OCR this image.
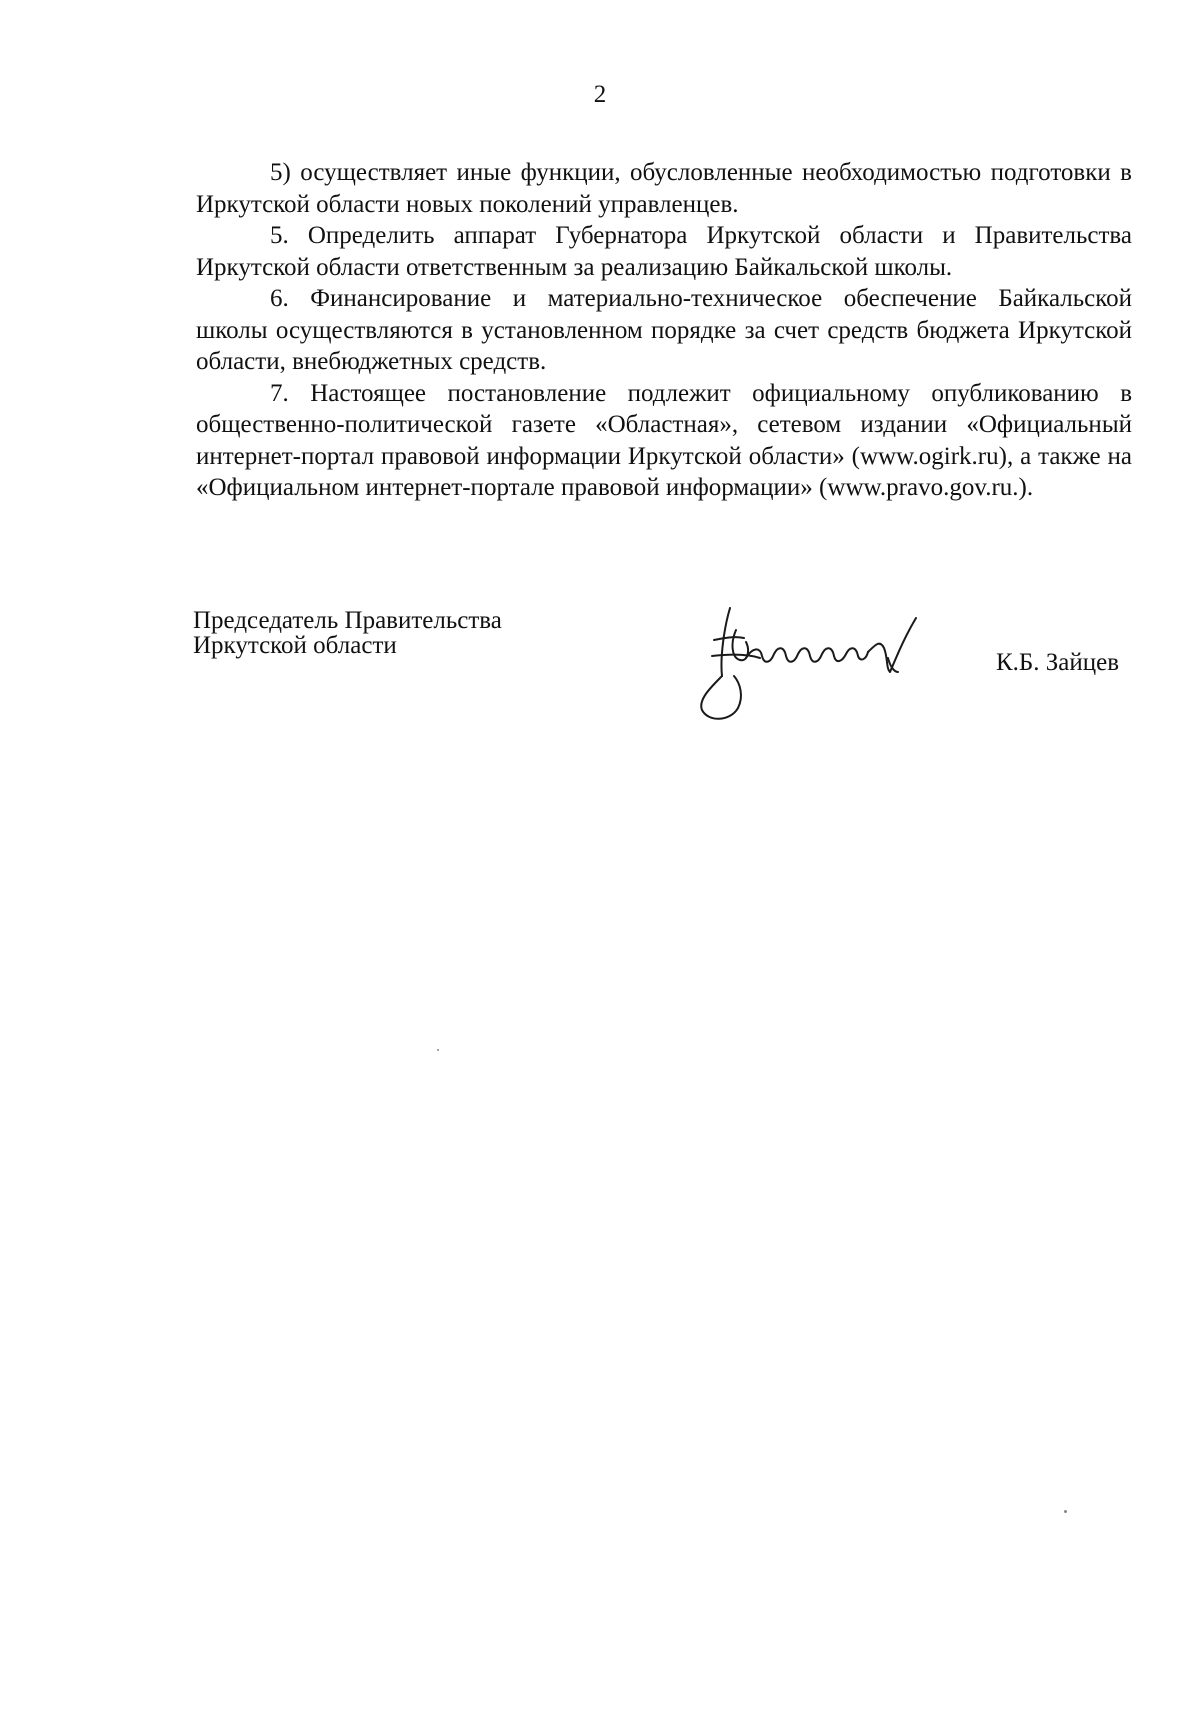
2

5) осуществляет иные функции, обусловленные необходимостью подготовки в Иркутской области новых поколений управленцев.

5. Определить аппарат Губернатора Иркутской области и Правительства Иркутской области ответственным за реализацию Байкальской школы.

6. Финансирование и материально-техническое обеспечение Байкальской школы осуществляются в установленном порядке за счет средств бюджета Иркутской области, внебюджетных средств.

7. Настоящее постановление подлежит официальному опубликованию в общественно-политической газете «Областная», сетевом издании «Официальный интернет-портал правовой информации Иркутской области» (www.ogirk.ru), а также на «Официальном интернет-портале правовой информации» (www.pravo.gov.ru.).

Председатель Правительства
Иркутской области
К.Б. Зайцев
